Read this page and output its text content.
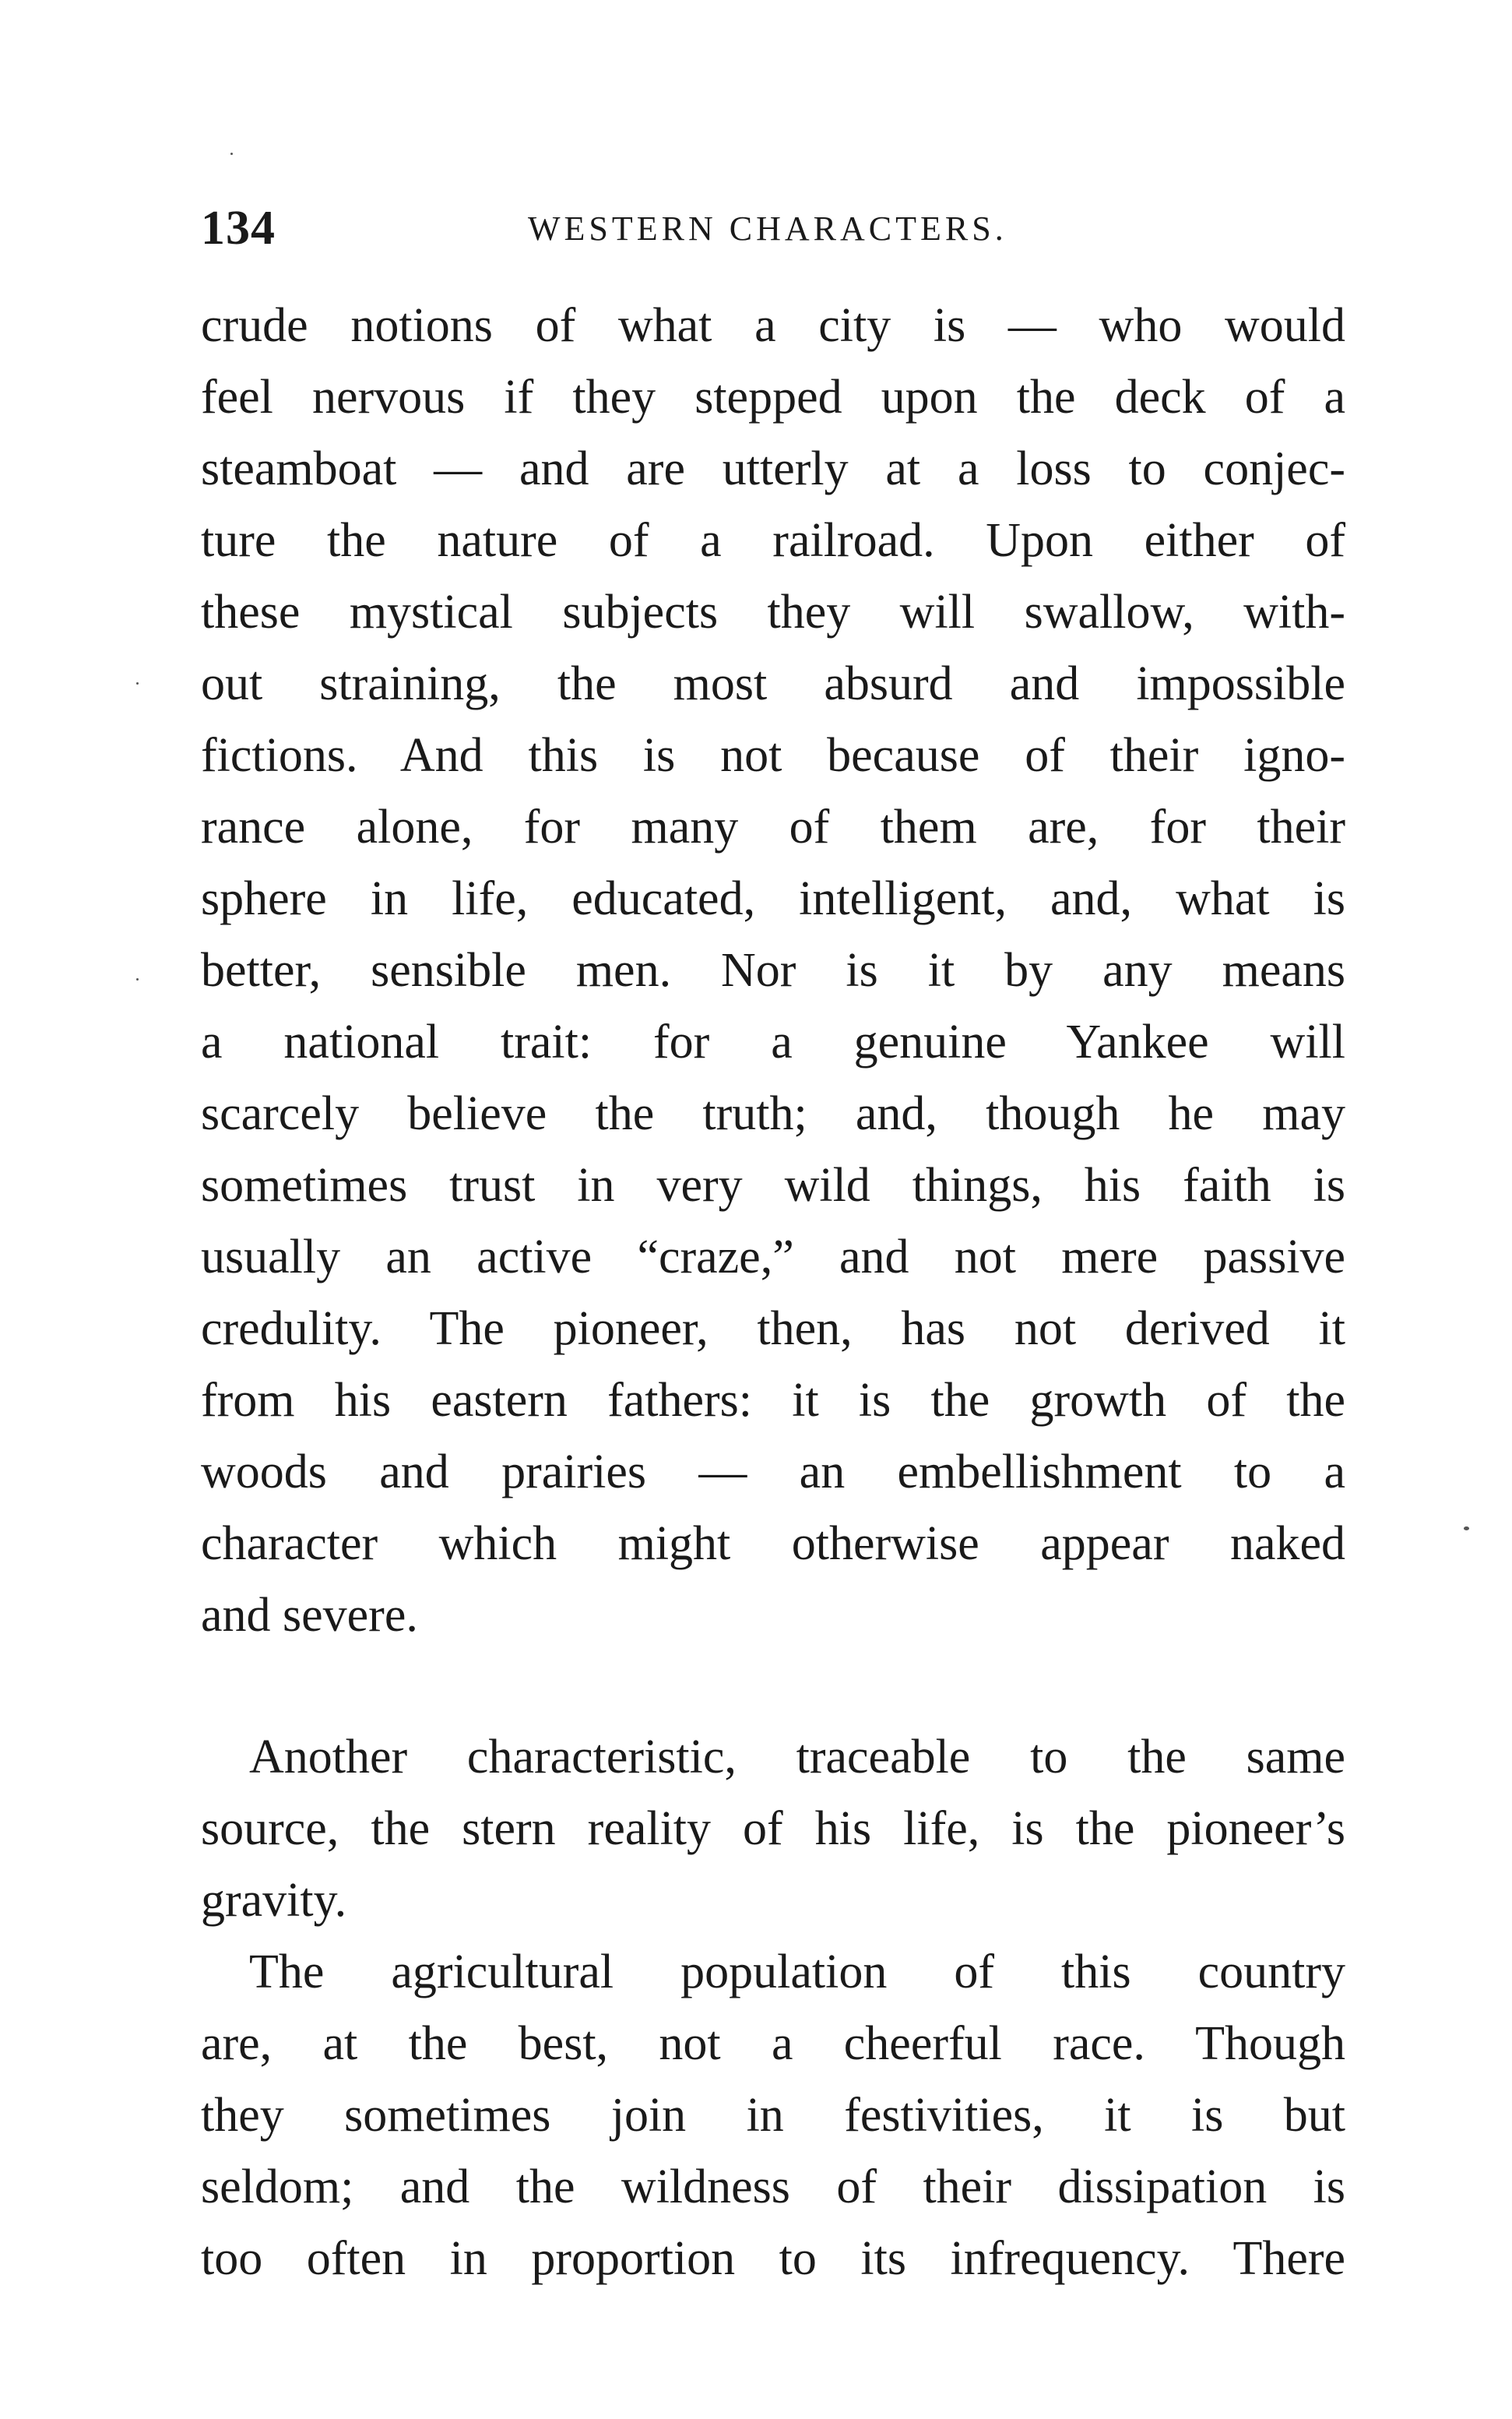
134	WESTERN CHARACTERS.
crude notions of what a city is — who would
feel nervous if they stepped upon the deck of a
steamboat — and are utterly at a loss to conjec-
ture the nature of a railroad. Upon either of
these mystical subjects they will swallow, with-
out straining, the most absurd and impossible
fictions. And this is not because of their igno-
rance alone, for many of them are, for their
sphere in life, educated, intelligent, and, what is
better, sensible men. Nor is it by any means
a national trait: for a genuine Yankee will
scarcely believe the truth; and, though he may
sometimes trust in very wild things, his faith is
usually an active “craze,” and not mere passive
credulity. The pioneer, then, has not derived it
from his eastern fathers: it is the growth of the
woods and prairies — an embellishment to a
character which might otherwise appear naked
and severe.
Another characteristic, traceable to the same
source, the stern reality of his life, is the pioneer’s
gravity.
The agricultural population of this country
are, at the best, not a cheerful race. Though
they sometimes join in festivities, it is but
seldom; and the wildness of their dissipation is
too often in proportion to its infrequency. There
